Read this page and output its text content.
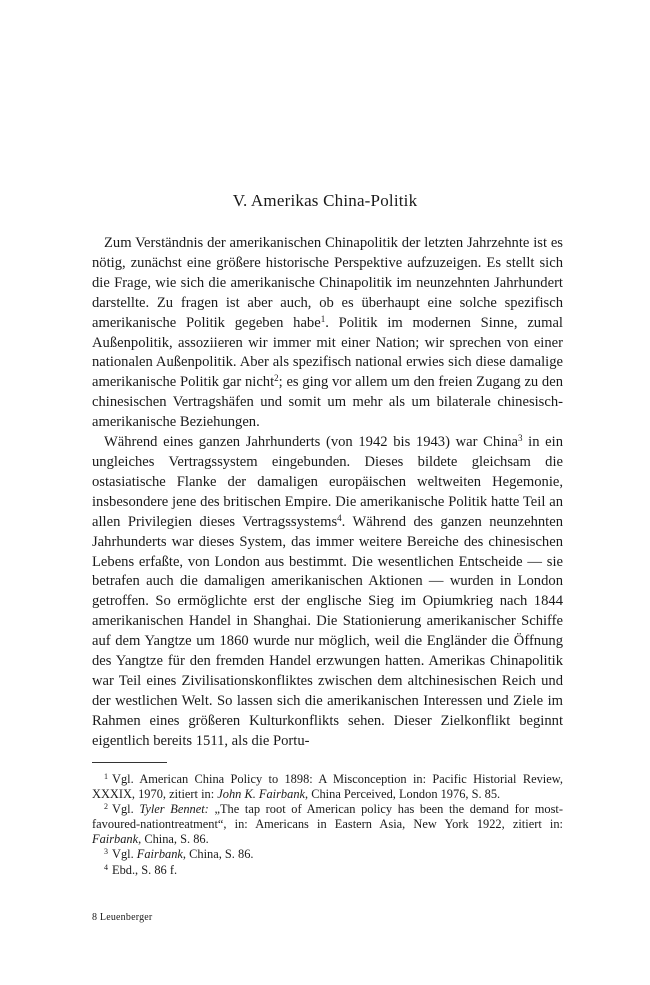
V. Amerikas China-Politik

Zum Verständnis der amerikanischen Chinapolitik der letzten Jahrzehnte ist es nötig, zunächst eine größere historische Perspektive aufzuzeigen. Es stellt sich die Frage, wie sich die amerikanische Chinapolitik im neunzehnten Jahrhundert darstellte. Zu fragen ist aber auch, ob es überhaupt eine solche spezifisch amerikanische Politik gegeben habe$^1$. Politik im modernen Sinne, zumal Außenpolitik, assoziieren wir immer mit einer Nation; wir sprechen von einer nationalen Außenpolitik. Aber als spezifisch national erwies sich diese damalige amerikanische Politik gar nicht$^2$; es ging vor allem um den freien Zugang zu den chinesischen Vertragshäfen und somit um mehr als um bilaterale chinesisch-amerikanische Beziehungen.

Während eines ganzen Jahrhunderts (von 1942 bis 1943) war China$^3$ in ein ungleiches Vertragssystem eingebunden. Dieses bildete gleichsam die ostasiatische Flanke der damaligen europäischen weltweiten Hegemonie, insbesondere jene des britischen Empire. Die amerikanische Politik hatte Teil an allen Privilegien dieses Vertragssystems$^4$. Während des ganzen neunzehnten Jahrhunderts war dieses System, das immer weitere Bereiche des chinesischen Lebens erfaßte, von London aus bestimmt. Die wesentlichen Entscheide — sie betrafen auch die damaligen amerikanischen Aktionen — wurden in London getroffen. So ermöglichte erst der englische Sieg im Opiumkrieg nach 1844 amerikanischen Handel in Shanghai. Die Stationierung amerikanischer Schiffe auf dem Yangtze um 1860 wurde nur möglich, weil die Engländer die Öffnung des Yangtze für den fremden Handel erzwungen hatten. Amerikas Chinapolitik war Teil eines Zivilisationskonfliktes zwischen dem altchinesischen Reich und der westlichen Welt. So lassen sich die amerikanischen Interessen und Ziele im Rahmen eines größeren Kulturkonflikts sehen. Dieser Zielkonflikt beginnt eigentlich bereits 1511, als die Portu-

$^1$ Vgl. American China Policy to 1898: A Misconception in: Pacific Historial Review, XXXIX, 1970, zitiert in: John K. Fairbank, China Perceived, London 1976, S. 85.

$^2$ Vgl. Tyler Bennet: „The tap root of American policy has been the demand for most-favoured-nationtreatment“, in: Americans in Eastern Asia, New York 1922, zitiert in: Fairbank, China, S. 86.

$^3$ Vgl. Fairbank, China, S. 86.

$^4$ Ebd., S. 86 f.

8 Leuenberger
